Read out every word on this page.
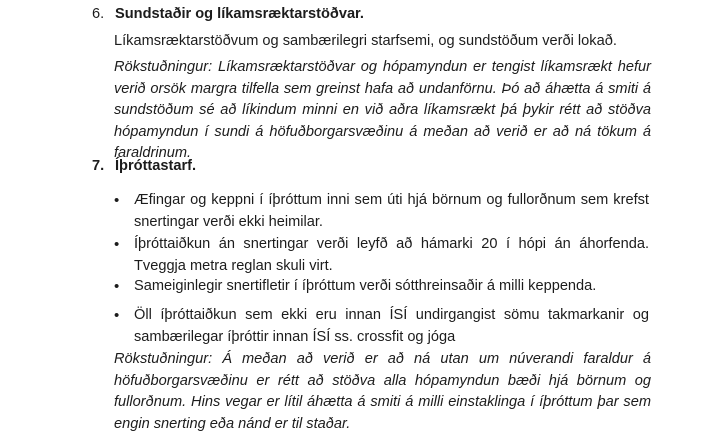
6. Sundstaðir og líkamsræktarstöðvar.
Líkamsræktarstöðvum og sambærilegri starfsemi, og sundstöðum verði lokað.
Rökstuðningur: Líkamsræktarstöðvar og hópamyndun er tengist líkamsrækt hefur verið orsök margra tilfella sem greinst hafa að undanförnu. Þó að áhætta á smiti á sundstöðum sé að líkindum minni en við aðra líkamsrækt þá þykir rétt að stöðva hópamyndun í sundi á höfuðborgarsvæðinu á meðan að verið er að ná tökum á faraldrinum.
7. Íþróttastarf.
•	Æfingar og keppni í íþróttum inni sem úti hjá börnum og fullorðnum sem krefst snertingar verði ekki heimilar.
•	Íþróttaiðkun án snertingar verði leyfð að hámarki 20 í hópi án áhorfenda. Tveggja metra reglan skuli virt.
•	Sameiginlegir snertifletir í íþróttum verði sótthreinsaðir á milli keppenda.
•	Öll íþróttaiðkun sem ekki eru innan ÍSÍ undirgangist sömu takmarkanir og sambærilegar íþróttir innan ÍSÍ ss. crossfit og jóga
Rökstuðningur: Á meðan að verið er að ná utan um núverandi faraldur á höfuðborgarsvæðinu er rétt að stöðva alla hópamyndun bæði hjá börnum og fullorðnum. Hins vegar er lítil áhætta á smiti á milli einstaklinga í íþróttum þar sem engin snerting eða nánd er til staðar.
